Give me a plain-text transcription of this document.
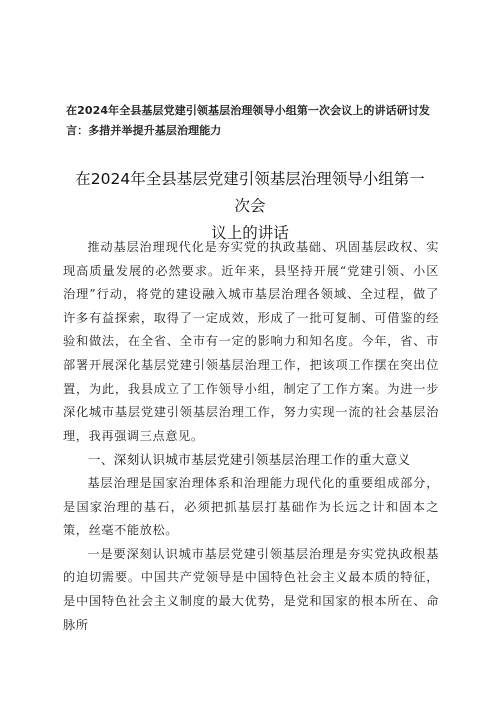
在2024年全县基层党建引领基层治理领导小组第一次会议上的讲话研讨发言：多措并举提升基层治理能力
在2024年全县基层党建引领基层治理领导小组第一次会
议上的讲话

推动基层治理现代化是夯实党的执政基础、巩固基层政权、实现高质量发展的必然要求。近年来，县坚持开展“党建引领、小区治理”行动，将党的建设融入城市基层治理各领域、全过程，做了许多有益探索，取得了一定成效，形成了一批可复制、可借鉴的经验和做法，在全省、全市有一定的影响力和知名度。今年，省、市部署开展深化基层党建引领基层治理工作，把该项工作摆在突出位置，为此，我县成立了工作领导小组，制定了工作方案。为进一步深化城市基层党建引领基层治理工作，努力实现一流的社会基层治理，我再强调三点意见。

一、深刻认识城市基层党建引领基层治理工作的重大意义

基层治理是国家治理体系和治理能力现代化的重要组成部分，是国家治理的基石，必须把抓基层打基础作为长远之计和固本之策，丝毫不能放松。

一是要深刻认识城市基层党建引领基层治理是夯实党执政根基的迫切需要。中国共产党领导是中国特色社会主义最本质的特征，是中国特色社会主义制度的最大优势，是党和国家的根本所在、命脉所
